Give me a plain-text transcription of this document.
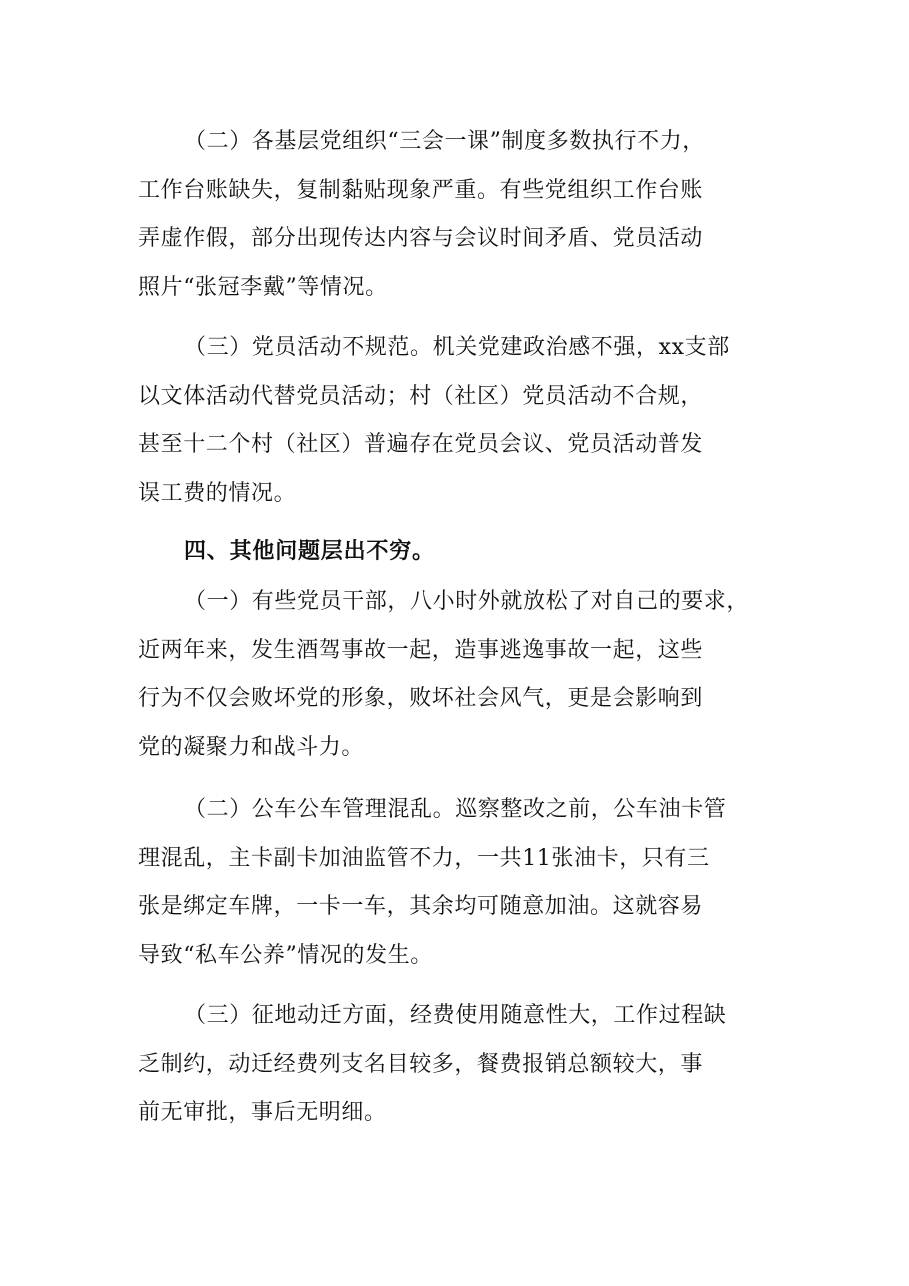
（二）各基层党组织“三会一课”制度多数执行不力，
工作台账缺失，复制黏贴现象严重。有些党组织工作台账
弄虚作假，部分出现传达内容与会议时间矛盾、党员活动
照片“张冠李戴”等情况。

（三）党员活动不规范。机关党建政治感不强，xx支部
以文体活动代替党员活动；村（社区）党员活动不合规，
甚至十二个村（社区）普遍存在党员会议、党员活动普发
误工费的情况。

四、其他问题层出不穷。

（一）有些党员干部，八小时外就放松了对自己的要求，
近两年来，发生酒驾事故一起，造事逃逸事故一起，这些
行为不仅会败坏党的形象，败坏社会风气，更是会影响到
党的凝聚力和战斗力。

（二）公车公车管理混乱。巡察整改之前，公车油卡管
理混乱，主卡副卡加油监管不力，一共11张油卡，只有三
张是绑定车牌，一卡一车，其余均可随意加油。这就容易
导致“私车公养”情况的发生。

（三）征地动迁方面，经费使用随意性大，工作过程缺
乏制约，动迁经费列支名目较多，餐费报销总额较大，事
前无审批，事后无明细。
